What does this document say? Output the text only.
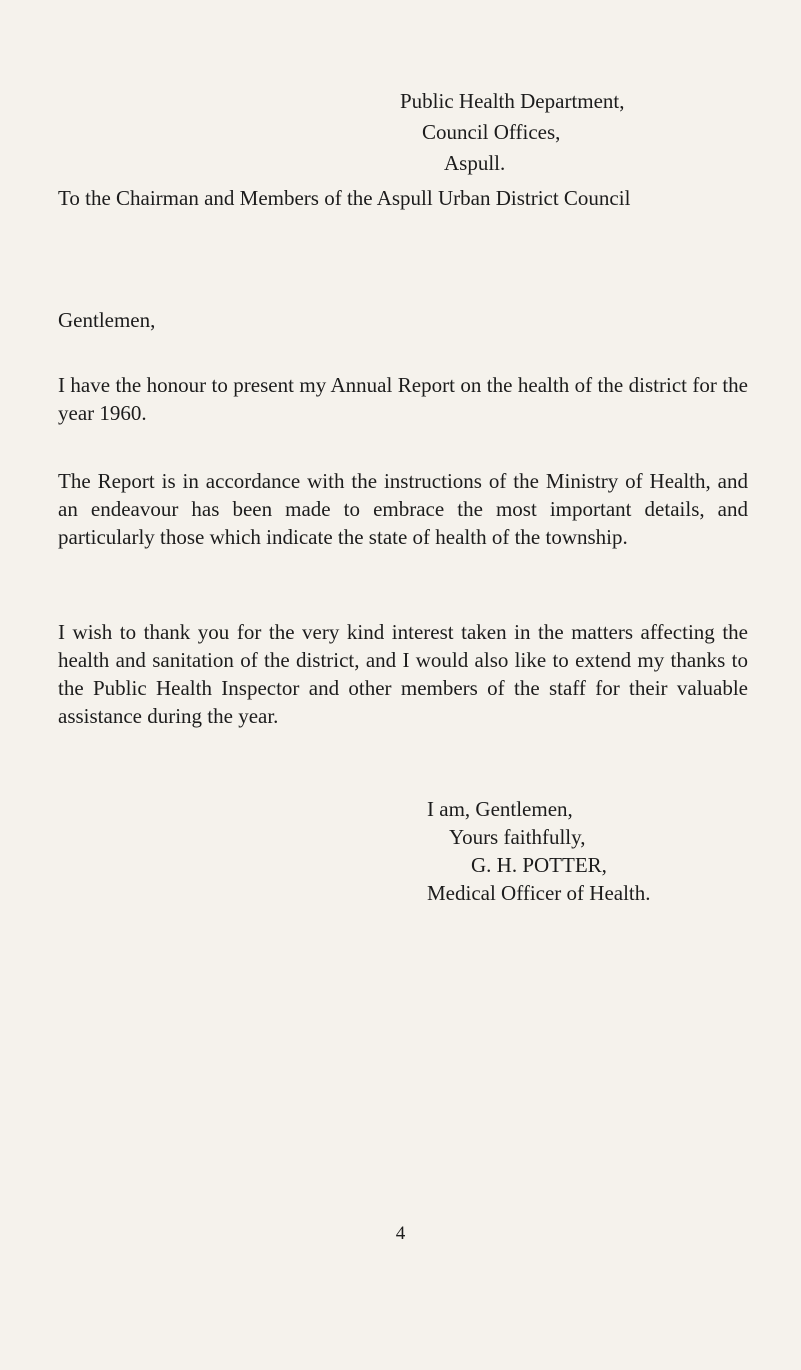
Public Health Department,
Council Offices,
Aspull.
To the Chairman and Members of the Aspull Urban District Council
Gentlemen,

I have the honour to present my Annual Report on the health of the district for the year 1960.

The Report is in accordance with the instructions of the Ministry of Health, and an endeavour has been made to embrace the most important details, and particularly those which indicate the state of health of the township.

I wish to thank you for the very kind interest taken in the matters affecting the health and sanitation of the district, and I would also like to extend my thanks to the Public Health Inspector and other members of the staff for their valuable assistance during the year.

I am, Gentlemen,
Yours faithfully,
G. H. POTTER,
Medical Officer of Health.
4
